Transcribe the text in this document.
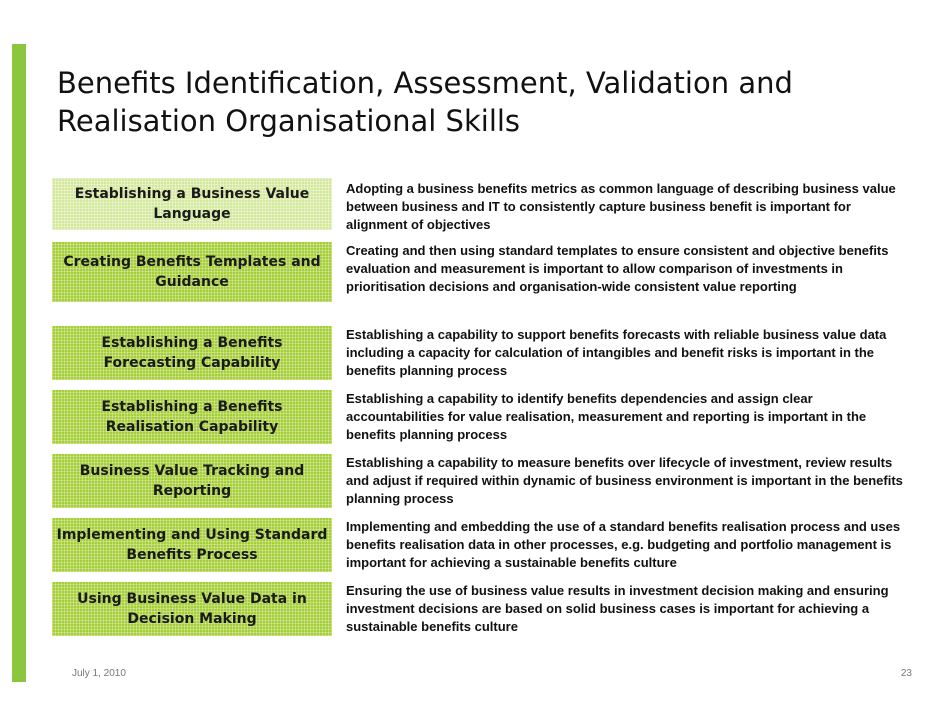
Benefits Identification, Assessment, Validation and Realisation Organisational Skills
Establishing a Business Value Language

Adopting a business benefits metrics as common language of describing business value between business and IT to consistently capture business benefit is important for alignment of objectives

Creating Benefits Templates and Guidance

Creating and then using standard templates to ensure consistent and objective benefits evaluation and measurement is important to allow comparison of investments in prioritisation decisions and organisation-wide consistent value reporting

Establishing a Benefits Forecasting Capability

Establishing a capability to support benefits forecasts with reliable business value data including a capacity for calculation of intangibles and benefit risks is important in the benefits planning process

Establishing a Benefits Realisation Capability

Establishing a capability to identify benefits dependencies and assign clear accountabilities for value realisation, measurement and reporting is important in the benefits planning process

Business Value Tracking and Reporting

Establishing a capability to measure benefits over lifecycle of investment, review results and adjust if required within dynamic of business environment is important in the benefits planning process

Implementing and Using Standard Benefits Process

Implementing and embedding the use of a standard benefits realisation process and uses benefits realisation data in other processes, e.g. budgeting and portfolio management is important for achieving a sustainable benefits culture

Using Business Value Data in Decision Making

Ensuring the use of business value results in investment decision making and ensuring investment decisions are based on solid business cases is important for achieving a sustainable benefits culture

July 1, 2010	23
